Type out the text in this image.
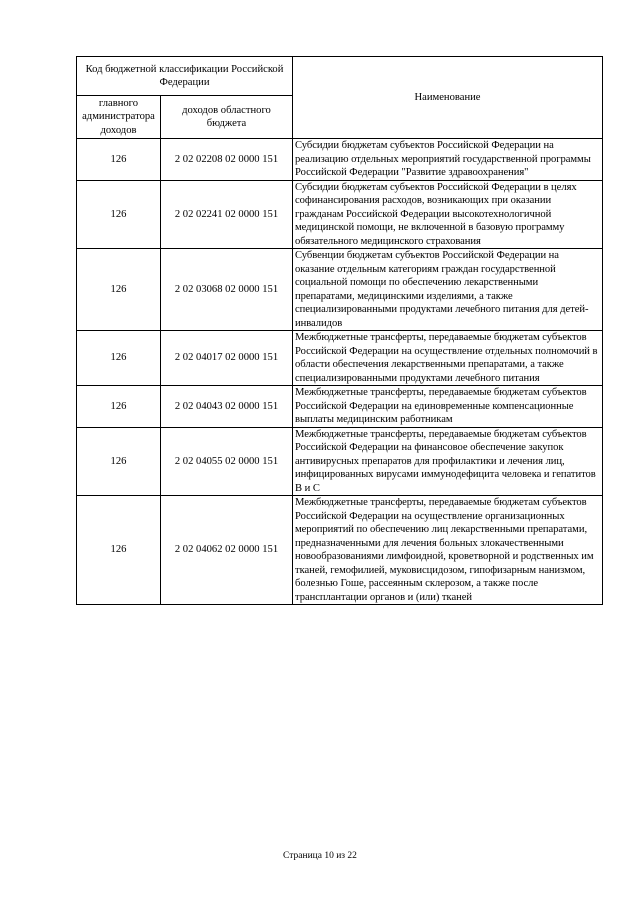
Код бюджетной классификации Российской Федерации		Наименование
главного администратора доходов	доходов областного бюджета	
126	2 02 02208 02 0000 151	Субсидии бюджетам субъектов Российской Федерации на реализацию отдельных мероприятий государственной программы Российской Федерации "Развитие здравоохранения"
126	2 02 02241 02 0000 151	Субсидии бюджетам субъектов Российской Федерации в целях софинансирования расходов, возникающих при оказании гражданам Российской Федерации высокотехнологичной медицинской помощи, не включенной в базовую программу обязательного медицинского страхования
126	2 02 03068 02 0000 151	Субвенции бюджетам субъектов Российской Федерации на оказание отдельным категориям граждан государственной социальной помощи по обеспечению лекарственными препаратами, медицинскими изделиями, а также специализированными продуктами лечебного питания для детей-инвалидов
126	2 02 04017 02 0000 151	Межбюджетные трансферты, передаваемые бюджетам субъектов Российской Федерации на осуществление отдельных полномочий в области обеспечения лекарственными препаратами, а также специализированными продуктами лечебного питания
126	2 02 04043 02 0000 151	Межбюджетные трансферты, передаваемые бюджетам субъектов Российской Федерации на единовременные компенсационные выплаты медицинским работникам
126	2 02 04055 02 0000 151	Межбюджетные трансферты, передаваемые бюджетам субъектов Российской Федерации на финансовое обеспечение закупок антивирусных препаратов для профилактики и лечения лиц, инфицированных вирусами иммунодефицита человека и гепатитов В и С
126	2 02 04062 02 0000 151	Межбюджетные трансферты, передаваемые бюджетам субъектов Российской Федерации на осуществление организационных мероприятий по обеспечению лиц лекарственными препаратами, предназначенными для лечения больных злокачественными новообразованиями лимфоидной, кроветворной и родственных им тканей, гемофилией, муковисцидозом, гипофизарным нанизмом, болезнью Гоше, рассеянным склерозом, а также после трансплантации органов и (или) тканей
Страница 10 из 22
